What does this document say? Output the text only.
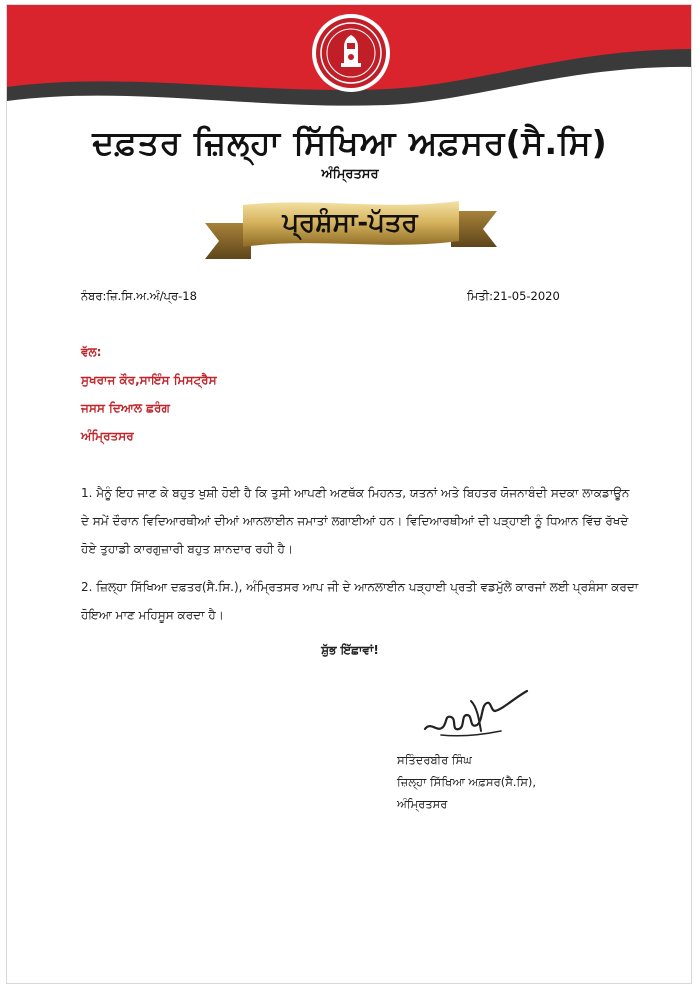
ਦਫ਼ਤਰ ਜ਼ਿਲ੍ਹਾ ਸਿੱਖਿਆ ਅਫ਼ਸਰ(ਸੈ.ਸਿ)
ਅੰਮ੍ਰਿਤਸਰ
ਪ੍ਰਸ਼ੰਸਾ-ਪੱਤਰ
ਨੰਬਰ:ਜ਼ਿ.ਸਿ.ਅ.ਅੰ/ਪ੍ਰ-18	ਮਿਤੀ:21-05-2020
ਵੱਲ:
ਸੁਖਰਾਜ ਕੌਰ,ਸਾਇੰਸ ਮਿਸਟ੍ਰੈਸ
ਜਸਸ ਦਿਆਲ ਛਰੰਗ
ਅੰਮ੍ਰਿਤਸਰ
1. ਮੈਨੂੰ ਇਹ ਜਾਣ ਕੇ ਬਹੁਤ ਖੁਸ਼ੀ ਹੋਈ ਹੈ ਕਿ ਤੁਸੀ ਆਪਣੀ ਅਣਥੱਕ ਮਿਹਨਤ, ਯਤਨਾਂ ਅਤੇ ਬਿਹਤਰ ਯੋਜਨਾਬੰਦੀ ਸਦਕਾ ਲਾਕਡਾਊਨ ਦੇ ਸਮੇਂ ਦੌਰਾਨ ਵਿਦਿਆਰਥੀਆਂ ਦੀਆਂ ਆਨਲਾਈਨ ਜਮਾਤਾਂ ਲਗਾਈਆਂ ਹਨ। ਵਿਦਿਆਰਥੀਆਂ ਦੀ ਪੜ੍ਹਾਈ ਨੂੰ ਧਿਆਨ ਵਿੱਚ ਰੱਖਦੇ ਹੋਏ ਤੁਹਾਡੀ ਕਾਰਗੁਜ਼ਾਰੀ ਬਹੁਤ ਸ਼ਾਨਦਾਰ ਰਹੀ ਹੈ।
2. ਜ਼ਿਲ੍ਹਾ ਸਿੱਖਿਆ ਦਫ਼ਤਰ(ਸੈ.ਸਿ.), ਅੰਮ੍ਰਿਤਸਰ ਆਪ ਜੀ ਦੇ ਆਨਲਾਈਨ ਪੜ੍ਹਾਈ ਪ੍ਰਤੀ ਵਡਮੁੱਲੇ ਕਾਰਜਾਂ ਲਈ ਪ੍ਰਸ਼ੰਸਾ ਕਰਦਾ ਹੋਇਆ ਮਾਣ ਮਹਿਸੂਸ ਕਰਦਾ ਹੈ।
ਸ਼ੁੱਭ ਇੱਛਾਵਾਂ!
ਸਤਿੰਦਰਬੀਰ ਸਿੰਘ
ਜ਼ਿਲ੍ਹਾ ਸਿੱਖਿਆ ਅਫ਼ਸਰ(ਸੈ.ਸਿ),
ਅੰਮ੍ਰਿਤਸਰ
